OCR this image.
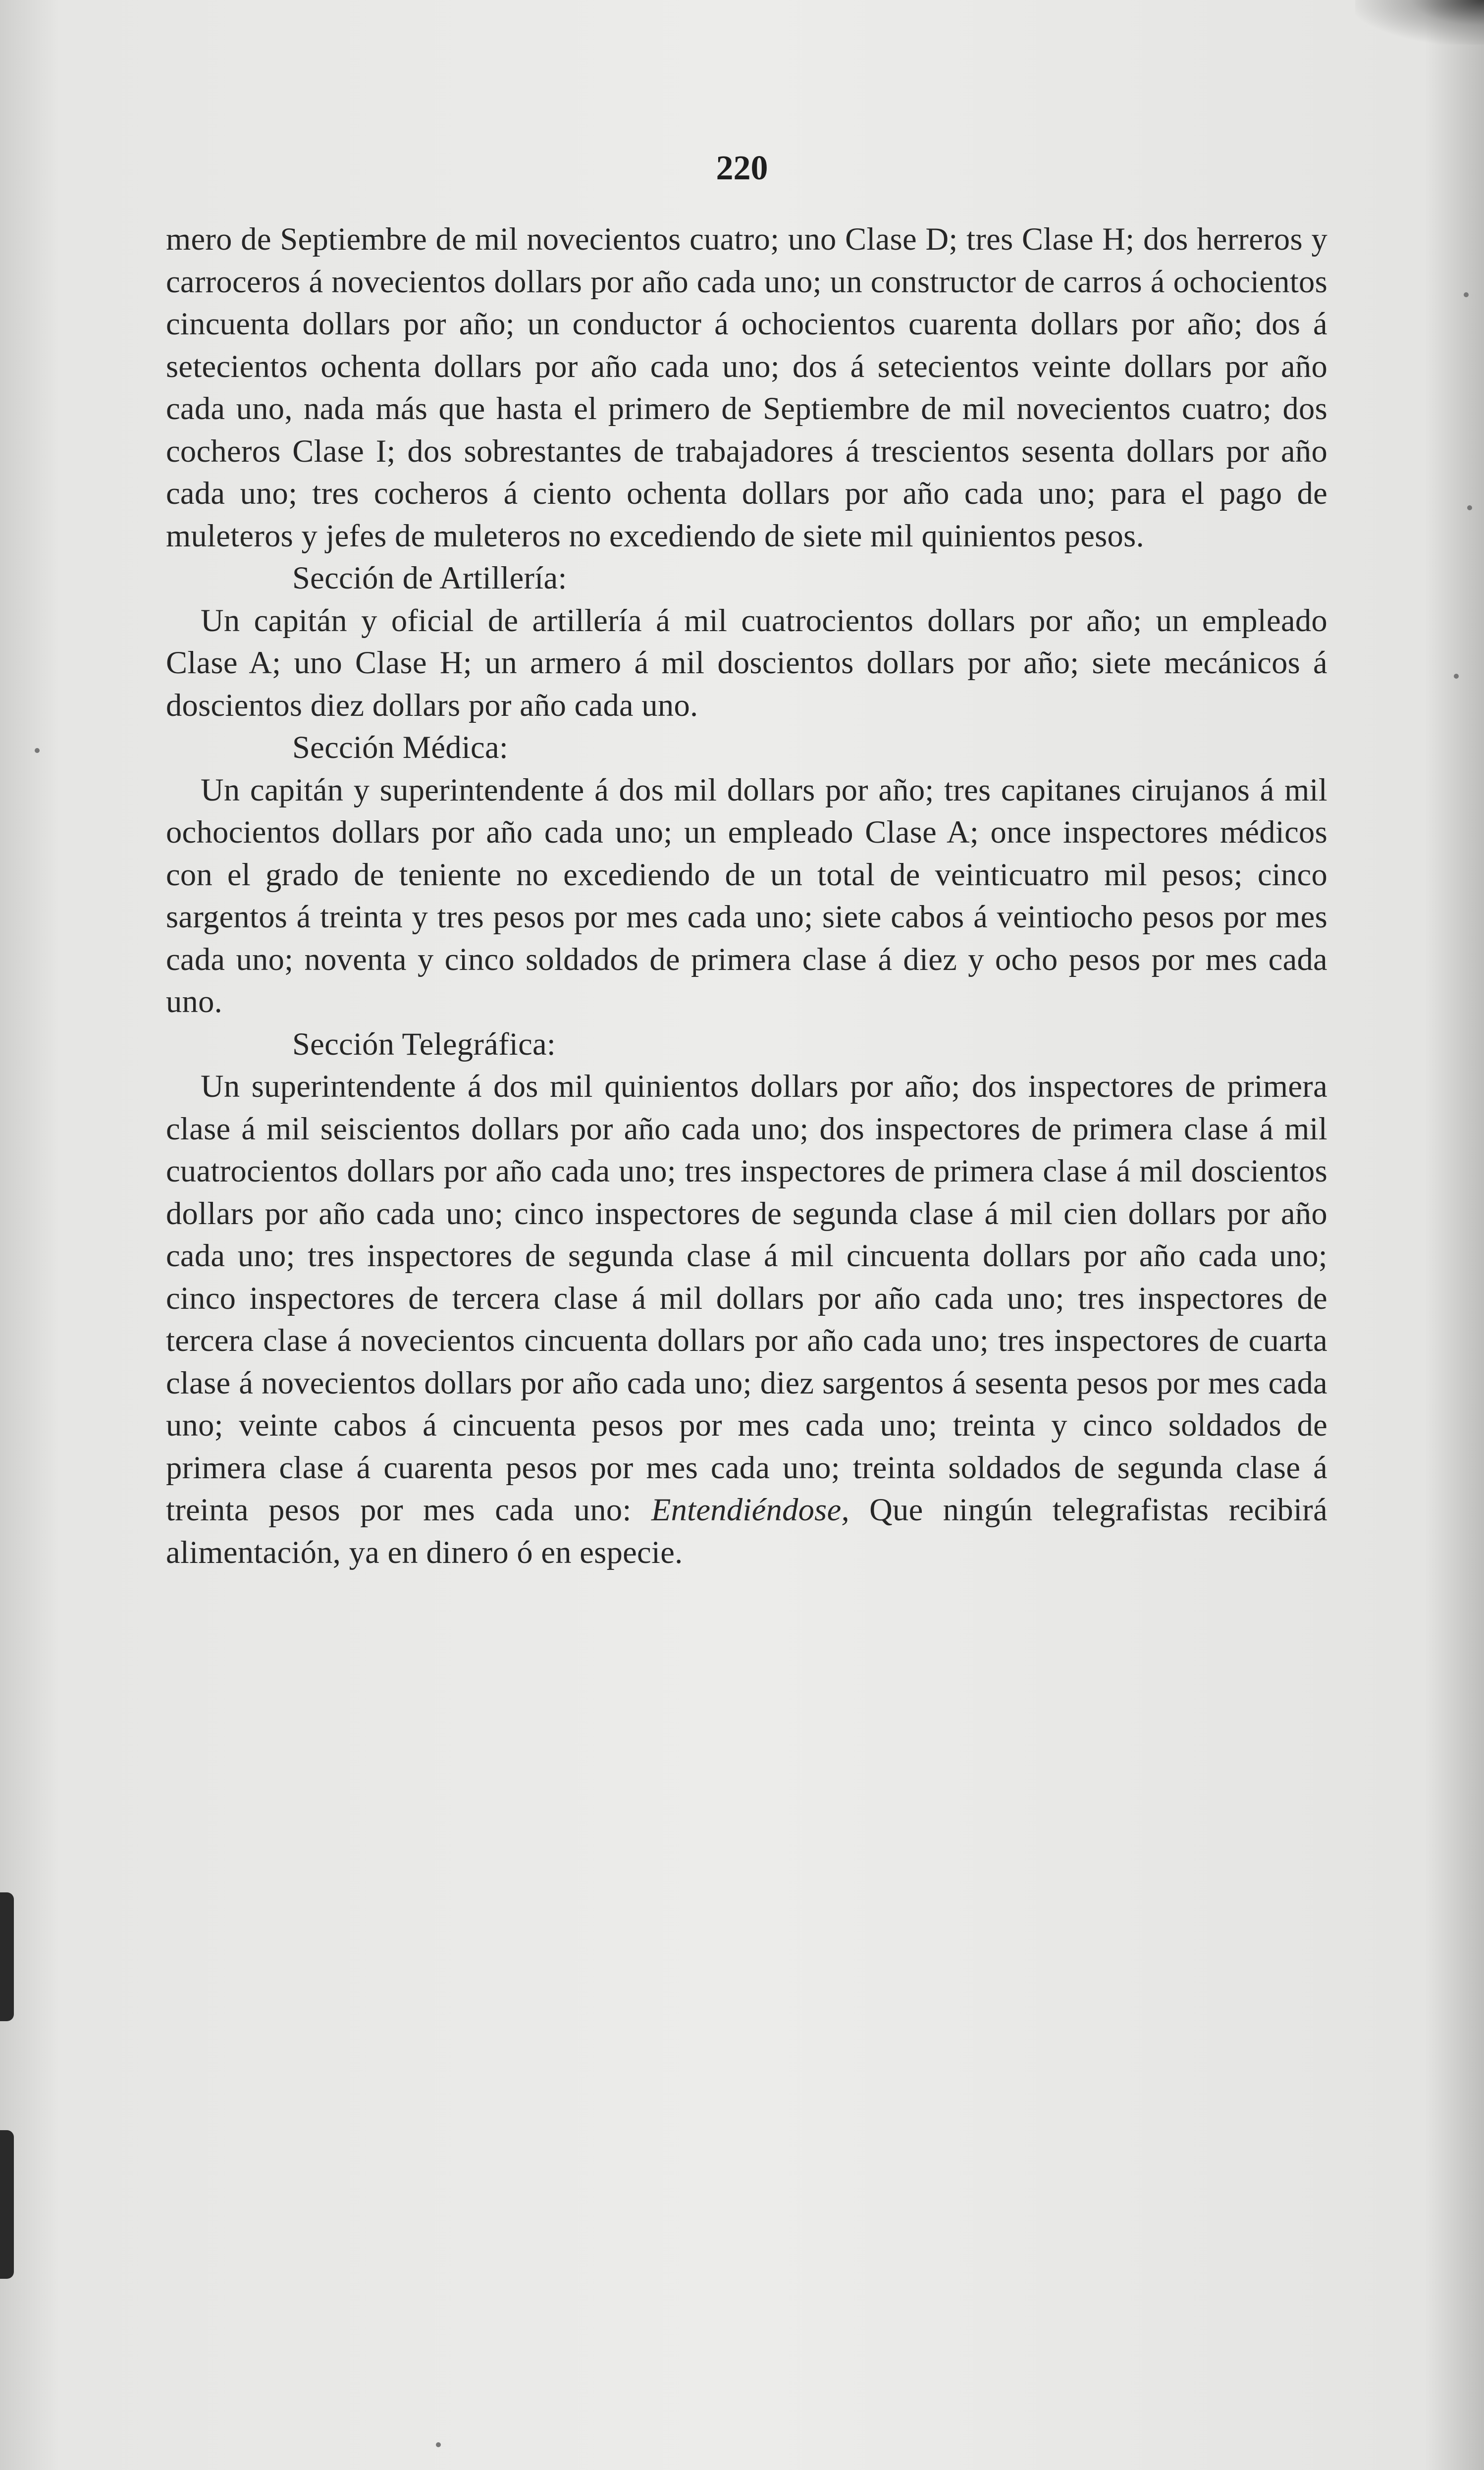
220

mero de Septiembre de mil novecientos cuatro; uno Clase D; tres Clase H; dos herreros y carroceros á novecientos dollars por año cada uno; un constructor de carros á ochocientos cincuenta dollars por año; un conductor á ochocientos cuarenta dollars por año; dos á setecientos ochenta dollars por año cada uno; dos á setecientos veinte dollars por año cada uno, nada más que hasta el primero de Septiembre de mil novecientos cuatro; dos cocheros Clase I; dos sobrestantes de trabajadores á trescientos sesenta dollars por año cada uno; tres cocheros á ciento ochenta dollars por año cada uno; para el pago de muleteros y jefes de muleteros no excediendo de siete mil quinientos pesos.

Sección de Artillería:

Un capitán y oficial de artillería á mil cuatrocientos dollars por año; un empleado Clase A; uno Clase H; un armero á mil doscientos dollars por año; siete mecánicos á doscientos diez dollars por año cada uno.

Sección Médica:

Un capitán y superintendente á dos mil dollars por año; tres capitanes cirujanos á mil ochocientos dollars por año cada uno; un empleado Clase A; once inspectores médicos con el grado de teniente no excediendo de un total de veinticuatro mil pesos; cinco sargentos á treinta y tres pesos por mes cada uno; siete cabos á veintiocho pesos por mes cada uno; noventa y cinco soldados de primera clase á diez y ocho pesos por mes cada uno.

Sección Telegráfica:

Un superintendente á dos mil quinientos dollars por año; dos inspectores de primera clase á mil seiscientos dollars por año cada uno; dos inspectores de primera clase á mil cuatrocientos dollars por año cada uno; tres inspectores de primera clase á mil doscientos dollars por año cada uno; cinco inspectores de segunda clase á mil cien dollars por año cada uno; tres inspectores de segunda clase á mil cincuenta dollars por año cada uno; cinco inspectores de tercera clase á mil dollars por año cada uno; tres inspectores de tercera clase á novecientos cincuenta dollars por año cada uno; tres inspectores de cuarta clase á novecientos dollars por año cada uno; diez sargentos á sesenta pesos por mes cada uno; veinte cabos á cincuenta pesos por mes cada uno; treinta y cinco soldados de primera clase á cuarenta pesos por mes cada uno; treinta soldados de segunda clase á treinta pesos por mes cada uno: Entendiéndose, Que ningún telegrafistas recibirá alimentación, ya en dinero ó en especie.
